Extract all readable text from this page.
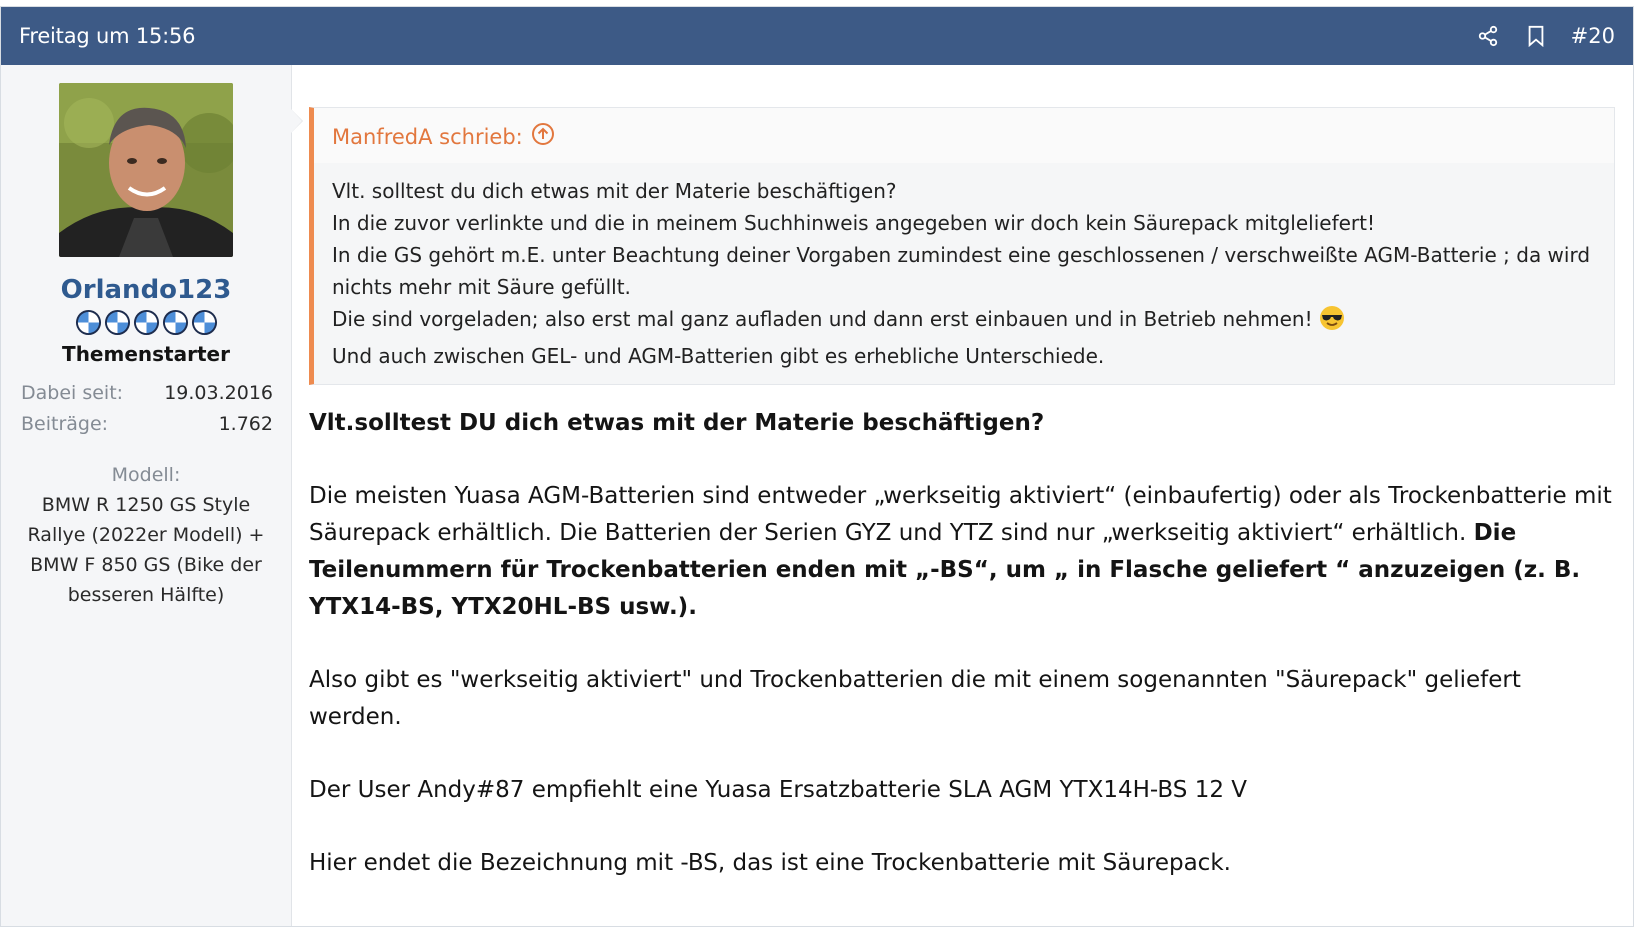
Freitag um 15:56	#20
Orlando123
Themenstarter
Dabei seit: 19.03.2016
Beiträge:	1.762
Modell:
BMW R 1250 GS Style Rallye (2022er Modell) + BMW F 850 GS (Bike der besseren Hälfte)
ManfredA schrieb:
Vlt. solltest du dich etwas mit der Materie beschäftigen?
In die zuvor verlinkte und die in meinem Suchhinweis angegeben wir doch kein Säurepack mitgleliefert!
In die GS gehört m.E. unter Beachtung deiner Vorgaben zumindest eine geschlossenen / verschweißte AGM-Batterie ; da wird nichts mehr mit Säure gefüllt.
Die sind vorgeladen; also erst mal ganz aufladen und dann erst einbauen und in Betrieb nehmen!
Und auch zwischen GEL- und AGM-Batterien gibt es erhebliche Unterschiede.

Vlt.solltest DU dich etwas mit der Materie beschäftigen?

Die meisten Yuasa AGM-Batterien sind entweder „werkseitig aktiviert“ (einbaufertig) oder als Trockenbatterie mit Säurepack erhältlich. Die Batterien der Serien GYZ und YTZ sind nur „werkseitig aktiviert“ erhältlich. Die Teilenummern für Trockenbatterien enden mit „-BS“, um „ in Flasche geliefert “ anzuzeigen (z. B. YTX14-BS, YTX20HL-BS usw.).

Also gibt es "werkseitig aktiviert" und Trockenbatterien die mit einem sogenannten "Säurepack" geliefert werden.

Der User Andy#87 empfiehlt eine Yuasa Ersatzbatterie SLA AGM YTX14H-BS 12 V

Hier endet die Bezeichnung mit -BS, das ist eine Trockenbatterie mit Säurepack.
